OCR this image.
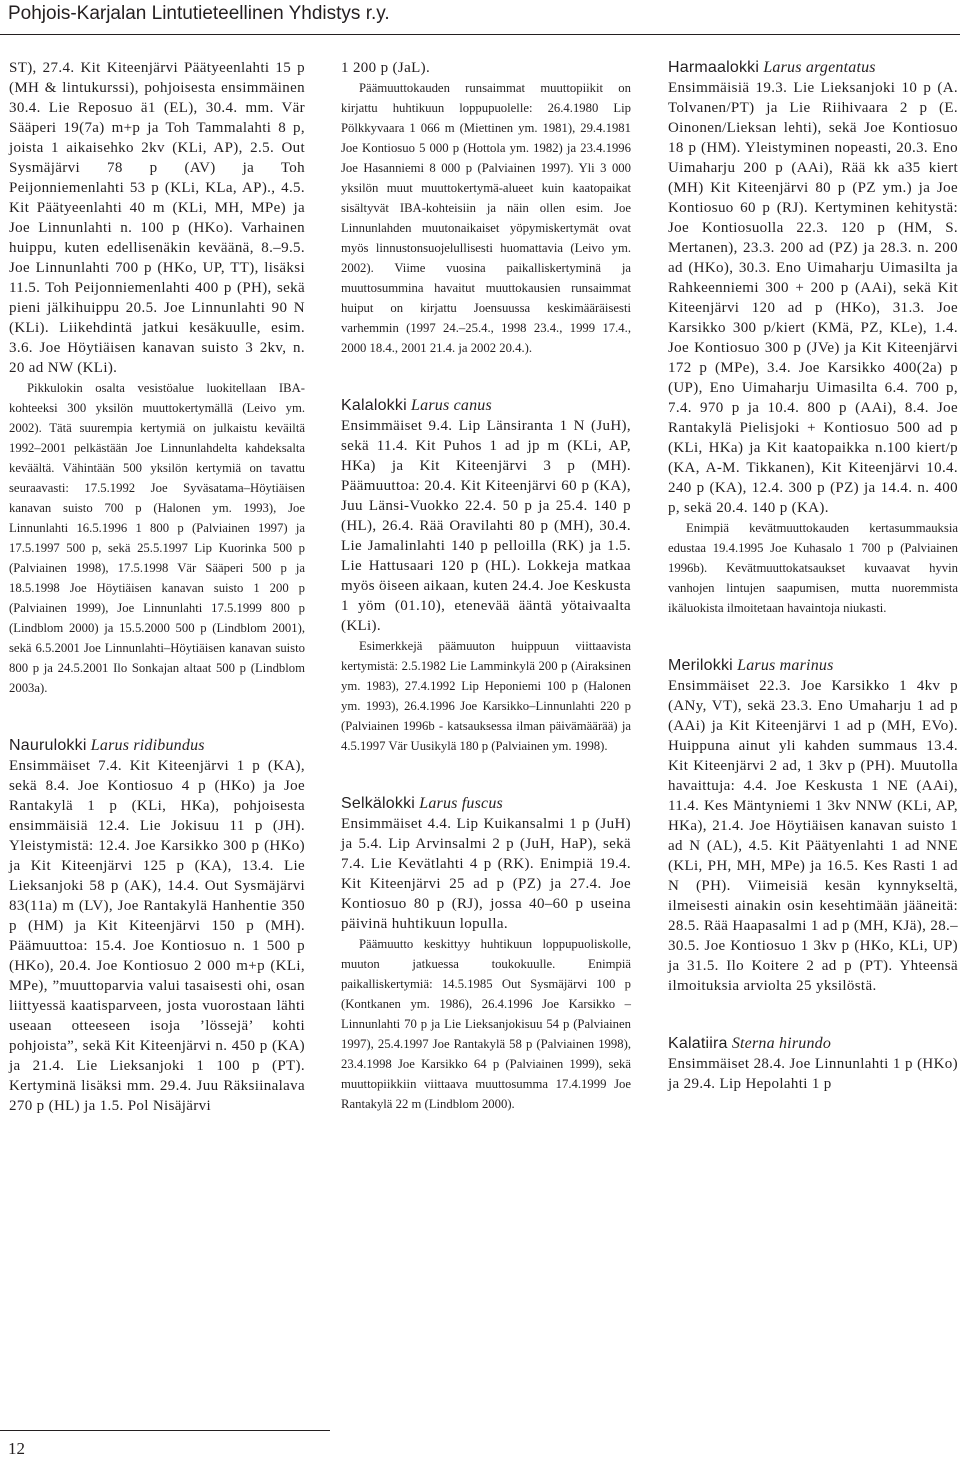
Pohjois-Karjalan Lintutieteellinen Yhdistys r.y.

ST), 27.4. Kit Kiteenjärvi Päätyeenlahti 15 p (MH & lintukurssi), pohjoisesta ensimmäinen 30.4. Lie Reposuo ä1 (EL), 30.4. mm. Vär Sääperi 19(7a) m+p ja Toh Tammalahti 8 p, joista 1 aikaisehko 2kv (KLi, AP), 2.5. Out Sysmäjärvi 78 p (AV) ja Toh Peijonniemenlahti 53 p (KLi, KLa, AP)., 4.5. Kit Päätyeenlahti 40 m (KLi, MH, MPe) ja Joe Linnunlahti n. 100 p (HKo). Varhainen huippu, kuten edellisenäkin keväänä, 8.–9.5. Joe Linnunlahti 700 p (HKo, UP, TT), lisäksi 11.5. Toh Peijonniemenlahti 400 p (PH), sekä pieni jälkihuippu 20.5. Joe Linnunlahti 90 N (KLi). Liikehdintä jatkui kesäkuulle, esim. 3.6. Joe Höytiäisen kanavan suisto 3 2kv, n. 20 ad NW (KLi).

Pikkulokin osalta vesistöalue luokitellaan IBA-kohteeksi 300 yksilön muuttokertymällä (Leivo ym. 2002). Tätä suurempia kertymiä on julkaistu keväiltä 1992–2001 pelkästään Joe Linnunlahdelta kahdeksalta keväältä. Vähintään 500 yksilön kertymiä on tavattu seuraavasti: 17.5.1992 Joe Syväsatama–Höytiäisen kanavan suisto 700 p (Halonen ym. 1993), Joe Linnunlahti 16.5.1996 1 800 p (Palviainen 1997) ja 17.5.1997 500 p, sekä 25.5.1997 Lip Kuorinka 500 p (Palviainen 1998), 17.5.1998 Vär Sääperi 500 p ja 18.5.1998 Joe Höytiäisen kanavan suisto 1 200 p (Palviainen 1999), Joe Linnunlahti 17.5.1999 800 p (Lindblom 2000) ja 15.5.2000 500 p (Lindblom 2001), sekä 6.5.2001 Joe Linnunlahti–Höytiäisen kanavan suisto 800 p ja 24.5.2001 Ilo Sonkajan altaat 500 p (Lindblom 2003a).

Naurulokki Larus ridibundus

Ensimmäiset 7.4. Kit Kiteenjärvi 1 p (KA), sekä 8.4. Joe Kontiosuo 4 p (HKo) ja Joe Rantakylä 1 p (KLi, HKa), pohjoisesta ensimmäisiä 12.4. Lie Jokisuu 11 p (JH). Yleistymistä: 12.4. Joe Karsikko 300 p (HKo) ja Kit Kiteenjärvi 125 p (KA), 13.4. Lie Lieksanjoki 58 p (AK), 14.4. Out Sysmäjärvi 83(11a) m (LV), Joe Rantakylä Hanhentie 350 p (HM) ja Kit Kiteenjärvi 150 p (MH). Päämuuttoa: 15.4. Joe Kontiosuo n. 1 500 p (HKo), 20.4. Joe Kontiosuo 2 000 m+p (KLi, MPe), ”muuttoparvia valui tasaisesti ohi, osan liittyessä kaatisparveen, josta vuorostaan lähti useaan otteeseen isoja ’lössejä’ kohti pohjoista”, sekä Kit Kiteenjärvi n. 450 p (KA) ja 21.4. Lie Lieksanjoki 1 100 p (PT). Kertyminä lisäksi mm. 29.4. Juu Räksiinalava 270 p (HL) ja 1.5. Pol Nisäjärvi

1 200 p (JaL).

Päämuuttokauden runsaimmat muuttopiikit on kirjattu huhtikuun loppupuolelle: 26.4.1980 Lip Pölkkyvaara 1 066 m (Miettinen ym. 1981), 29.4.1981 Joe Kontiosuo 5 000 p (Hottola ym. 1982) ja 23.4.1996 Joe Hasanniemi 8 000 p (Palviainen 1997). Yli 3 000 yksilön muut muuttokertymä-alueet kuin kaatopaikat sisältyvät IBA-kohteisiin ja näin ollen esim. Joe Linnunlahden muutonaikaiset yöpymiskertymät ovat myös linnustonsuojelullisesti huomattavia (Leivo ym. 2002). Viime vuosina paikalliskertyminä ja muuttosummina havaitut muuttokausien runsaimmat huiput on kirjattu Joensuussa keskimääräisesti varhemmin (1997 24.–25.4., 1998 23.4., 1999 17.4., 2000 18.4., 2001 21.4. ja 2002 20.4.).

Kalalokki Larus canus

Ensimmäiset 9.4. Lip Länsiranta 1 N (JuH), sekä 11.4. Kit Puhos 1 ad jp m (KLi, AP, HKa) ja Kit Kiteenjärvi 3 p (MH). Päämuuttoa: 20.4. Kit Kiteenjärvi 60 p (KA), Juu Länsi-Vuokko 22.4. 50 p ja 25.4. 140 p (HL), 26.4. Rää Oravilahti 80 p (MH), 30.4. Lie Jamalinlahti 140 p pelloilla (RK) ja 1.5. Lie Hattusaari 120 p (HL). Lokkeja matkaa myös öiseen aikaan, kuten 24.4. Joe Keskusta 1 yöm (01.10), etenevää ääntä yötaivaalta (KLi).

Esimerkkejä päämuuton huippuun viittaavista kertymistä: 2.5.1982 Lie Lamminkylä 200 p (Airaksinen ym. 1983), 27.4.1992 Lip Heponiemi 100 p (Halonen ym. 1993), 26.4.1996 Joe Karsikko–Linnunlahti 220 p (Palviainen 1996b - katsauksessa ilman päivämäärää) ja 4.5.1997 Vär Uusikylä 180 p (Palviainen ym. 1998).

Selkälokki Larus fuscus

Ensimmäiset 4.4. Lip Kuikansalmi 1 p (JuH) ja 5.4. Lip Arvinsalmi 2 p (JuH, HaP), sekä 7.4. Lie Kevätlahti 4 p (RK). Enimpiä 19.4. Kit Kiteenjärvi 25 ad p (PZ) ja 27.4. Joe Kontiosuo 80 p (RJ), jossa 40–60 p useina päivinä huhtikuun lopulla.

Päämuutto keskittyy huhtikuun loppupuoliskolle, muuton jatkuessa toukokuulle. Enimpiä paikalliskertymiä: 14.5.1985 Out Sysmäjärvi 100 p (Kontkanen ym. 1986), 26.4.1996 Joe Karsikko –Linnunlahti 70 p ja Lie Lieksanjokisuu 54 p (Palviainen 1997), 25.4.1997 Joe Rantakylä 58 p (Palviainen 1998), 23.4.1998 Joe Karsikko 64 p (Palviainen 1999), sekä muuttopiikkiin viittaava muuttosumma 17.4.1999 Joe Rantakylä 22 m (Lindblom 2000).

Harmaalokki Larus argentatus

Ensimmäisiä 19.3. Lie Lieksanjoki 10 p (A. Tolvanen/PT) ja Lie Riihivaara 2 p (E. Oinonen/Lieksan lehti), sekä Joe Kontiosuo 18 p (HM). Yleistyminen nopeasti, 20.3. Eno Uimaharju 200 p (AAi), Rää kk a35 kiert (MH) Kit Kiteenjärvi 80 p (PZ ym.) ja Joe Kontiosuo 60 p (RJ). Kertyminen kehitystä: Joe Kontiosuolla 22.3. 120 p (HM, S. Mertanen), 23.3. 200 ad (PZ) ja 28.3. n. 200 ad (HKo), 30.3. Eno Uimaharju Uimasilta ja Rahkeenniemi 300 + 200 p (AAi), sekä Kit Kiteenjärvi 120 ad p (HKo), 31.3. Joe Karsikko 300 p/kiert (KMä, PZ, KLe), 1.4. Joe Kontiosuo 300 p (JVe) ja Kit Kiteenjärvi 172 p (MPe), 3.4. Joe Karsikko 400(2a) p (UP), Eno Uimaharju Uimasilta 6.4. 700 p, 7.4. 970 p ja 10.4. 800 p (AAi), 8.4. Joe Rantakylä Pielisjoki + Kontiosuo 500 ad p (KLi, HKa) ja Kit kaatopaikka n.100 kiert/p (KA, A-M. Tikkanen), Kit Kiteenjärvi 10.4. 240 p (KA), 12.4. 300 p (PZ) ja 14.4. n. 400 p, sekä 20.4. 140 p (KA).

Enimpiä kevätmuuttokauden kertasummauksia edustaa 19.4.1995 Joe Kuhasalo 1 700 p (Palviainen 1996b). Kevätmuuttokatsaukset kuvaavat hyvin vanhojen lintujen saapumisen, mutta nuoremmista ikäluokista ilmoitetaan havaintoja niukasti.

Merilokki Larus marinus

Ensimmäiset 22.3. Joe Karsikko 1 4kv p (ANy, VT), sekä 23.3. Eno Umaharju 1 ad p (AAi) ja Kit Kiteenjärvi 1 ad p (MH, EVo). Huippuna ainut yli kahden summaus 13.4. Kit Kiteenjärvi 2 ad, 1 3kv p (PH). Muutolla havaittuja: 4.4. Joe Keskusta 1 NE (AAi), 11.4. Kes Mäntyniemi 1 3kv NNW (KLi, AP, HKa), 21.4. Joe Höytiäisen kanavan suisto 1 ad N (AL), 4.5. Kit Päätyenlahti 1 ad NNE (KLi, PH, MH, MPe) ja 16.5. Kes Rasti 1 ad N (PH). Viimeisiä kesän kynnykseltä, ilmeisesti ainakin osin kesehtimään jääneitä: 28.5. Rää Haapasalmi 1 ad p (MH, KJä), 28.–30.5. Joe Kontiosuo 1 3kv p (HKo, KLi, UP) ja 31.5. Ilo Koitere 2 ad p (PT). Yhteensä ilmoituksia arviolta 25 yksilöstä.

Kalatiira Sterna hirundo

Ensimmäiset 28.4. Joe Linnunlahti 1 p (HKo) ja 29.4. Lip Hepolahti 1 p

12
